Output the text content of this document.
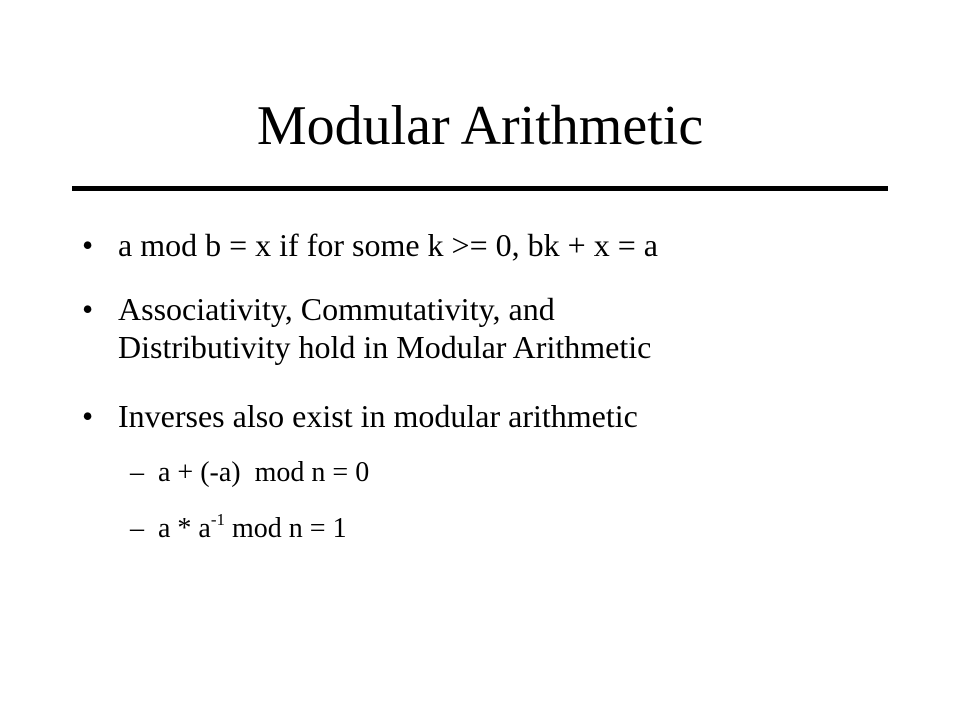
Modular Arithmetic
• a mod b = x if for some k >= 0, bk + x = a
• Associativity, Commutativity, and
Distributivity hold in Modular Arithmetic
• Inverses also exist in modular arithmetic
– a + (-a)  mod n = 0
– a * $a^{-1}$ mod n = 1
